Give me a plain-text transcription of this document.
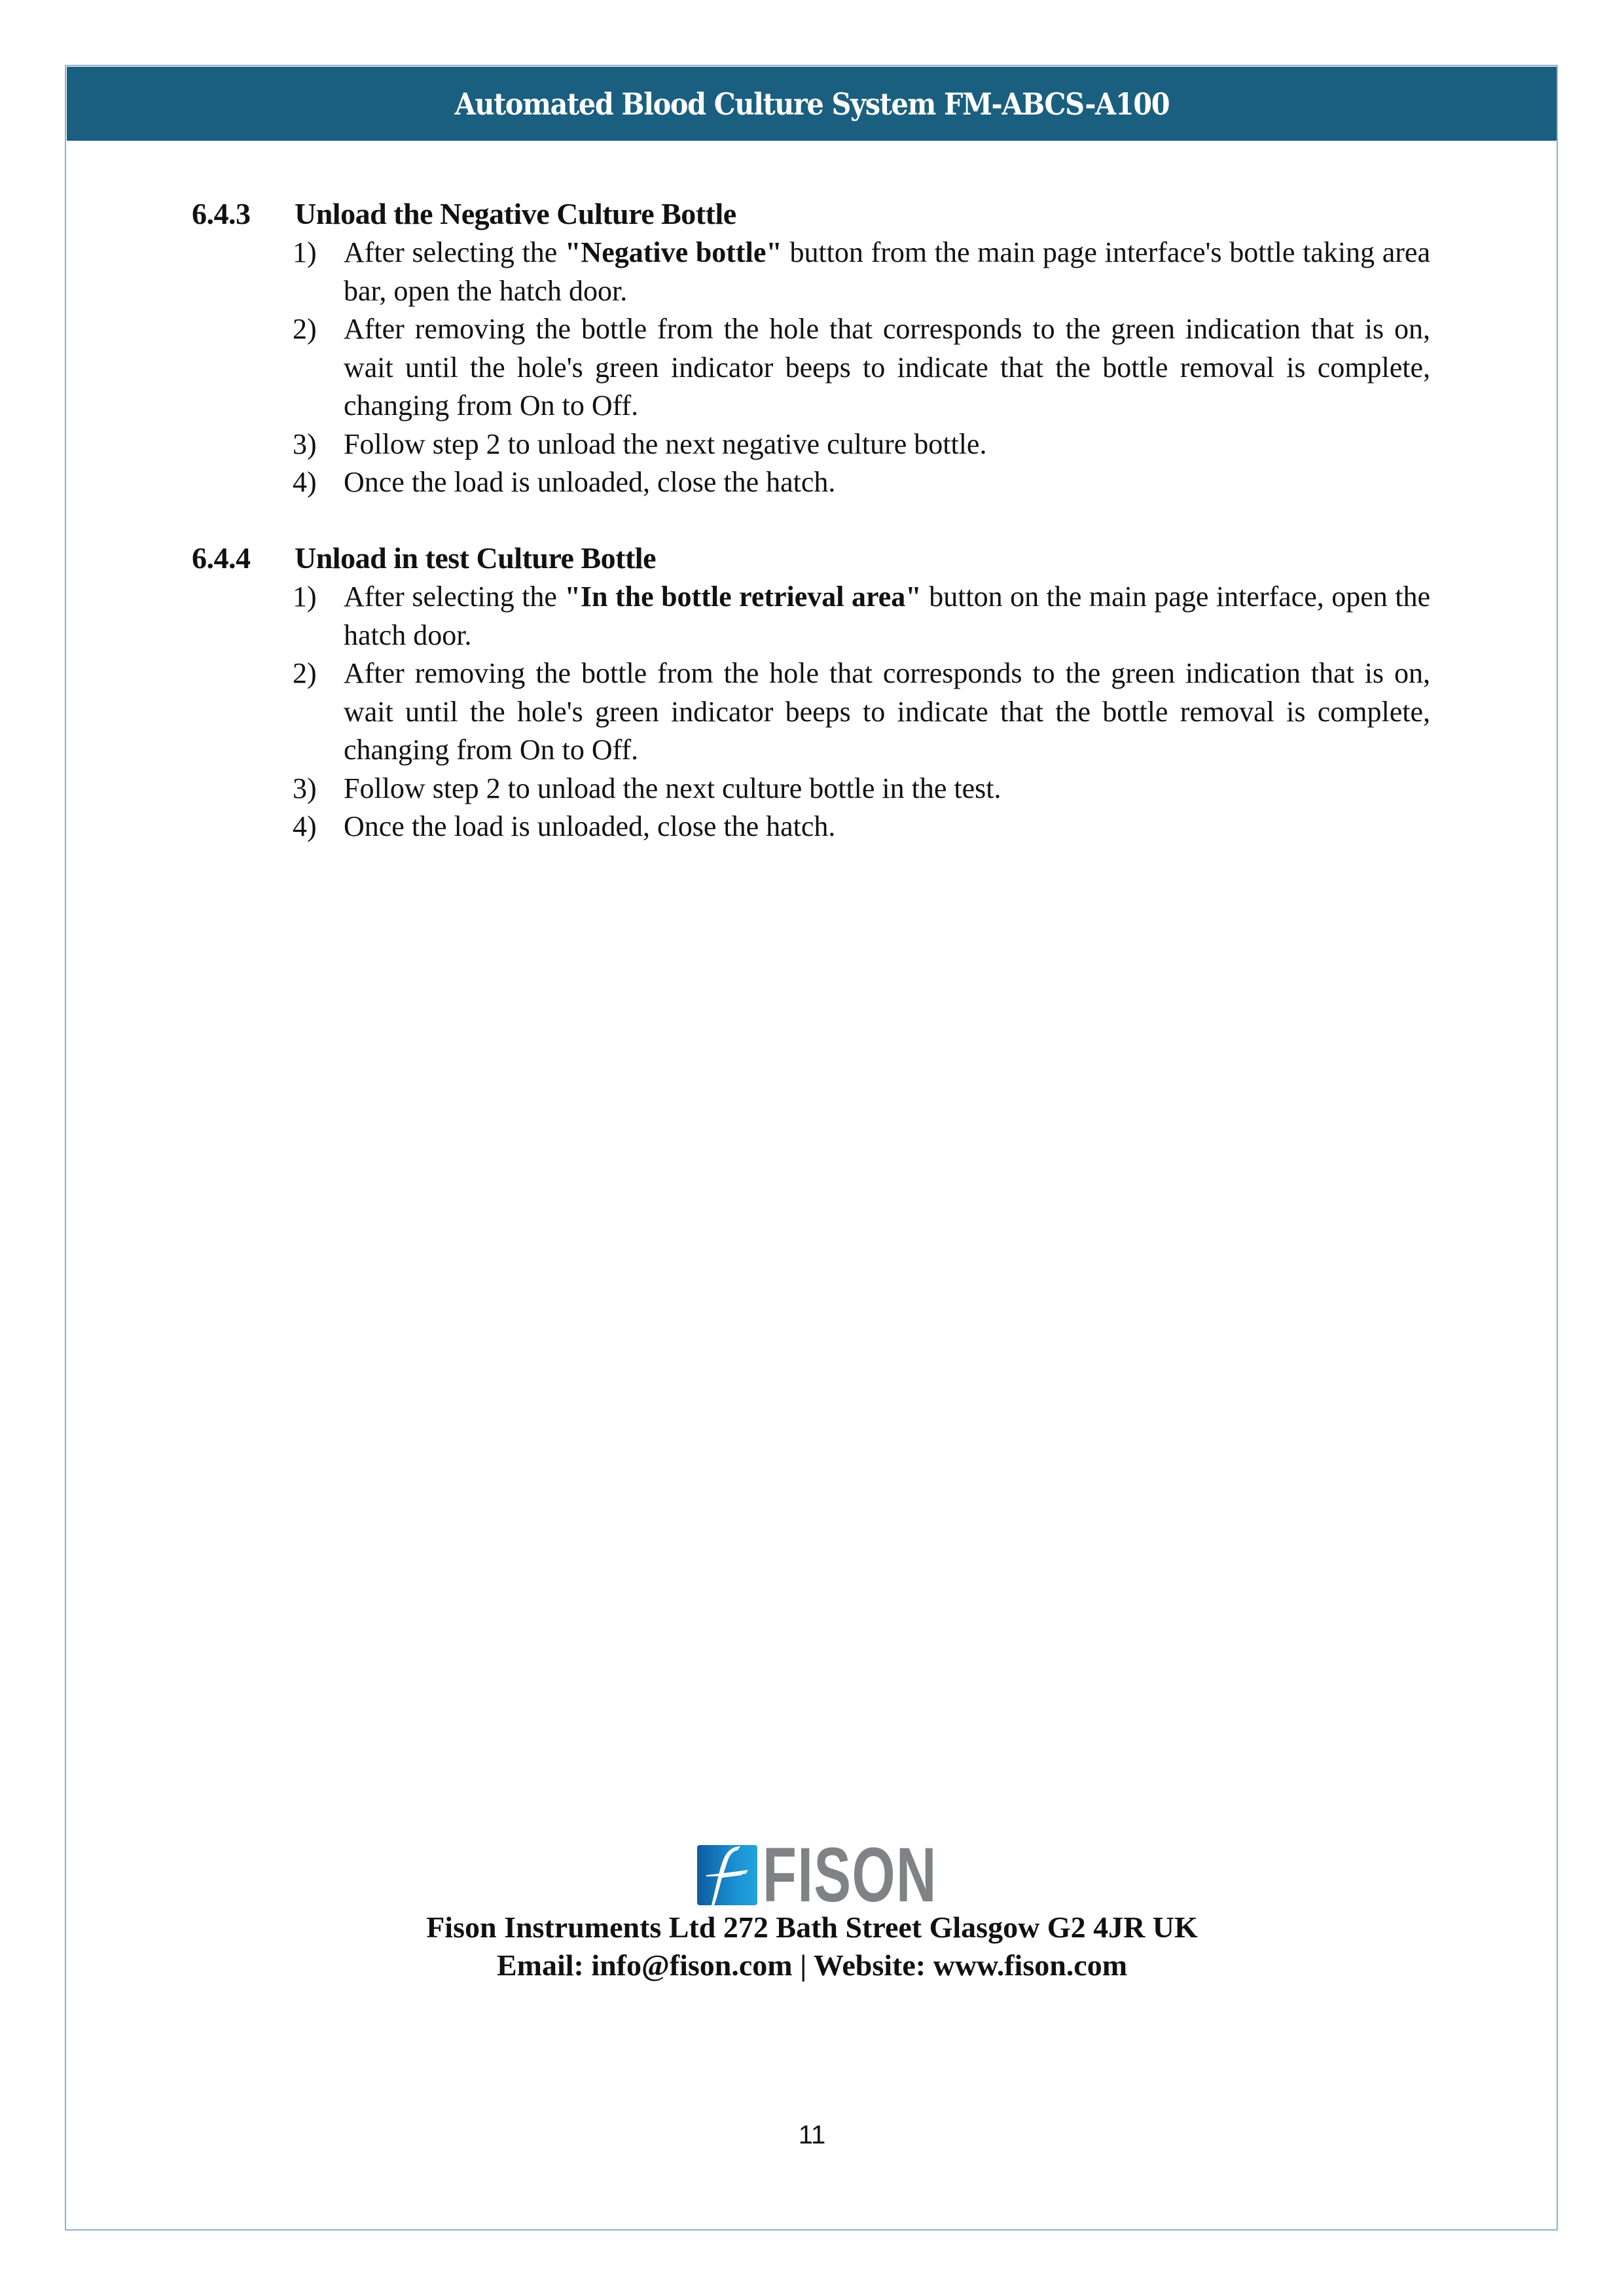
Automated Blood Culture System FM-ABCS-A100
6.4.3 Unload the Negative Culture Bottle
1) After selecting the "Negative bottle" button from the main page interface's bottle taking area bar, open the hatch door.
2) After removing the bottle from the hole that corresponds to the green indication that is on, wait until the hole's green indicator beeps to indicate that the bottle removal is complete, changing from On to Off.
3) Follow step 2 to unload the next negative culture bottle.
4) Once the load is unloaded, close the hatch.
6.4.4 Unload in test Culture Bottle
1) After selecting the "In the bottle retrieval area" button on the main page interface, open the hatch door.
2) After removing the bottle from the hole that corresponds to the green indication that is on, wait until the hole's green indicator beeps to indicate that the bottle removal is complete, changing from On to Off.
3) Follow step 2 to unload the next culture bottle in the test.
4) Once the load is unloaded, close the hatch.
FISON
Fison Instruments Ltd 272 Bath Street Glasgow G2 4JR UK
Email: info@fison.com | Website: www.fison.com
11
